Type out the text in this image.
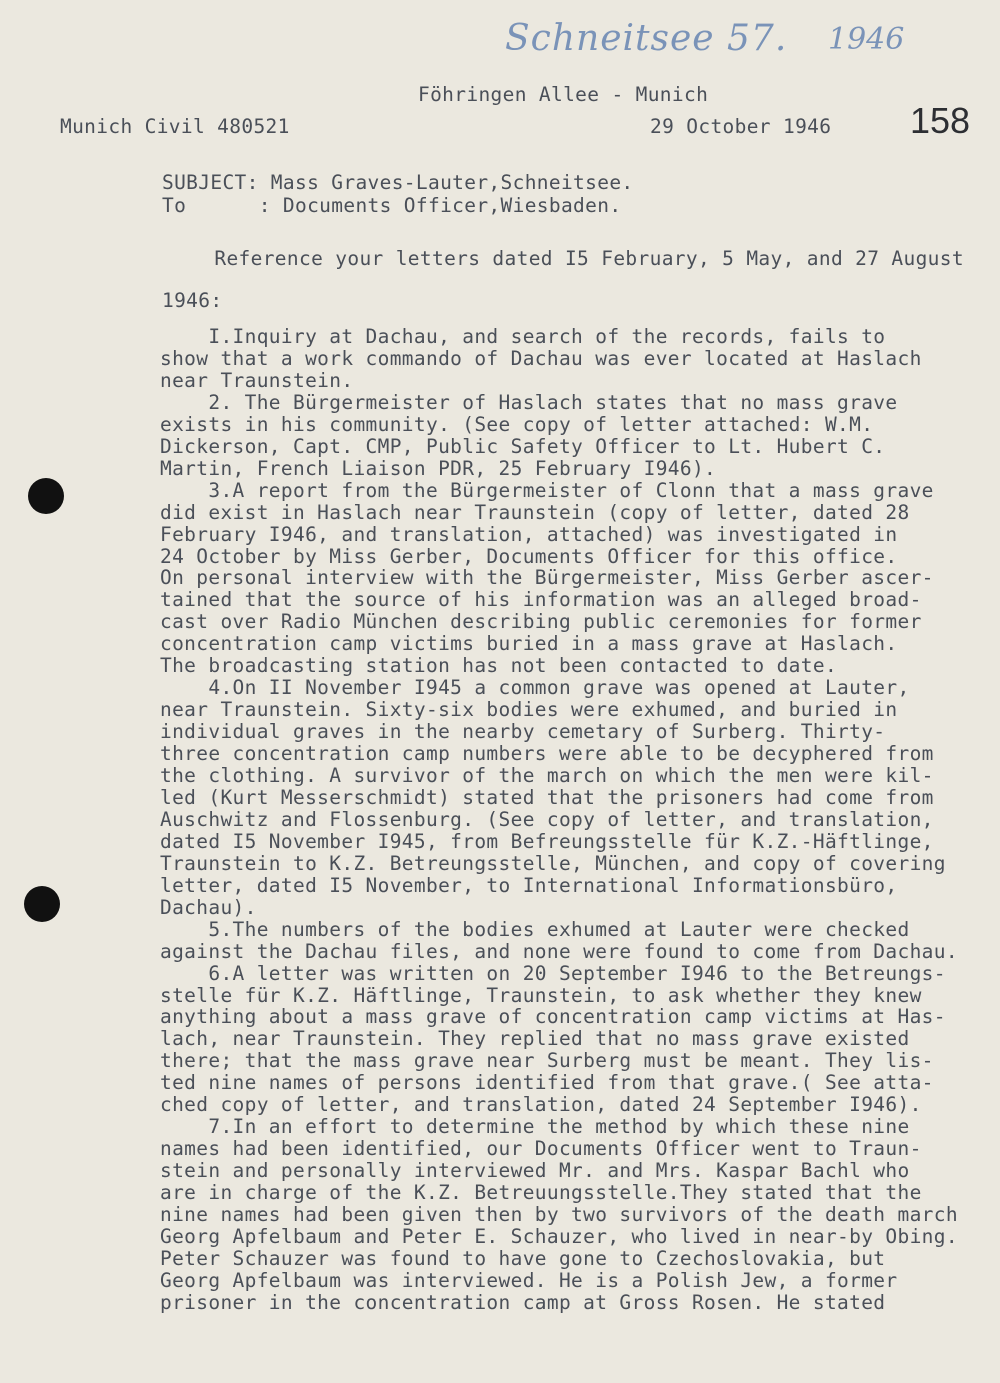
Schneitsee 57. 1946
Föhringen Allee - Munich
Munich Civil 480521	29 October 1946 158
SUBJECT: Mass Graves-Lauter,Schneitsee.
To      : Documents Officer,Wiesbaden.
Reference your letters dated I5 February, 5 May, and 27 August
1946:
I.Inquiry at Dachau, and search of the records, fails to
show that a work commando of Dachau was ever located at Haslach
near Traunstein.
2. The Bürgermeister of Haslach states that no mass grave
exists in his community. (See copy of letter attached: W.M.
Dickerson, Capt. CMP, Public Safety Officer to Lt. Hubert C.
Martin, French Liaison PDR, 25 February I946).
3.A report from the Bürgermeister of Clonn that a mass grave
did exist in Haslach near Traunstein (copy of letter, dated 28
February I946, and translation, attached) was investigated in
24 October by Miss Gerber, Documents Officer for this office.
On personal interview with the Bürgermeister, Miss Gerber ascer-
tained that the source of his information was an alleged broad-
cast over Radio München describing public ceremonies for former
concentration camp victims buried in a mass grave at Haslach.
The broadcasting station has not been contacted to date.
4.On II November I945 a common grave was opened at Lauter,
near Traunstein. Sixty-six bodies were exhumed, and buried in
individual graves in the nearby cemetary of Surberg. Thirty-
three concentration camp numbers were able to be decyphered from
the clothing. A survivor of the march on which the men were kil-
led (Kurt Messerschmidt) stated that the prisoners had come from
Auschwitz and Flossenburg. (See copy of letter, and translation,
dated I5 November I945, from Befreungsstelle für K.Z.-Häftlinge,
Traunstein to K.Z. Betreungsstelle, München, and copy of covering
letter, dated I5 November, to International Informationsbüro,
Dachau).
5.The numbers of the bodies exhumed at Lauter were checked
against the Dachau files, and none were found to come from Dachau.
6.A letter was written on 20 September I946 to the Betreungs-
stelle für K.Z. Häftlinge, Traunstein, to ask whether they knew
anything about a mass grave of concentration camp victims at Has-
lach, near Traunstein. They replied that no mass grave existed
there; that the mass grave near Surberg must be meant. They lis-
ted nine names of persons identified from that grave.( See atta-
ched copy of letter, and translation, dated 24 September I946).
7.In an effort to determine the method by which these nine
names had been identified, our Documents Officer went to Traun-
stein and personally interviewed Mr. and Mrs. Kaspar Bachl who
are in charge of the K.Z. Betreuungsstelle.They stated that the
nine names had been given then by two survivors of the death march
Georg Apfelbaum and Peter E. Schauzer, who lived in near-by Obing.
Peter Schauzer was found to have gone to Czechoslovakia, but
Georg Apfelbaum was interviewed. He is a Polish Jew, a former
prisoner in the concentration camp at Gross Rosen. He stated
